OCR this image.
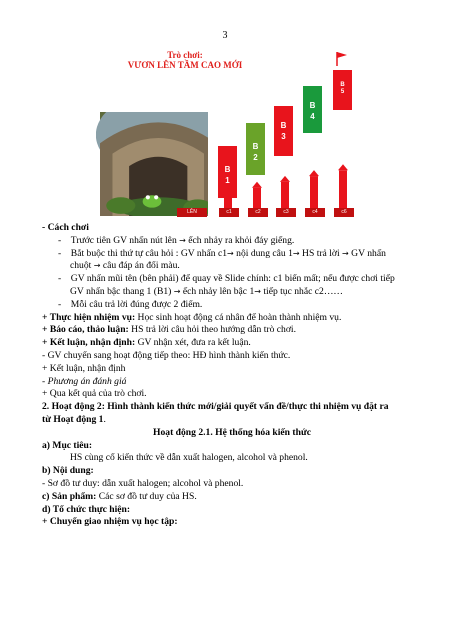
3
Trò chơi:
VƯƠN LÊN TẦM CAO MỚI
LÊN
B
1
B
2
B
3
B
4
B
5
c1	c2	c3	c4	c6
- Cách chơi
-    Trước tiên GV nhấn nút lên → ếch nhảy ra khỏi đáy giếng.
-    Bắt buộc thi thứ tự câu hỏi : GV nhấn c1→ nội dung câu 1→ HS trả lời → GV nhấn
chuột → câu đáp án đổi màu.
-    GV nhấn mũi tên (bên phải) để quay về Slide chính: c1 biến mất; nếu được chơi tiếp
GV nhấn bậc thang 1 (B1) → ếch nhảy lên bậc 1→ tiếp tục nhắc c2……
-    Mỗi câu trả lời đúng được 2 điểm.
+ Thực hiện nhiệm vụ: Học sinh hoạt động cá nhân để hoàn thành nhiệm vụ.
+ Báo cáo, thảo luận: HS trả lời câu hỏi theo hướng dẫn trò chơi.
+ Kết luận, nhận định: GV nhận xét, đưa ra kết luận.
- GV chuyển sang hoạt động tiếp theo: HĐ hình thành kiến thức.
+ Kết luận, nhận định
- Phương án đánh giá
+ Qua kết quả của trò chơi.
2. Hoạt động 2: Hình thành kiến thức mới/giải quyết vấn đề/thực thi nhiệm vụ đặt ra
từ Hoạt động 1.
Hoạt động 2.1. Hệ thống hóa kiến thức
a) Mục tiêu:
HS cùng cố kiến thức về dẫn xuất halogen, alcohol và phenol.
b) Nội dung:
- Sơ đồ tư duy: dẫn xuất halogen; alcohol và phenol.
c) Sản phẩm: Các sơ đồ tư duy của HS.
d) Tổ chức thực hiện:
+ Chuyển giao nhiệm vụ học tập:
